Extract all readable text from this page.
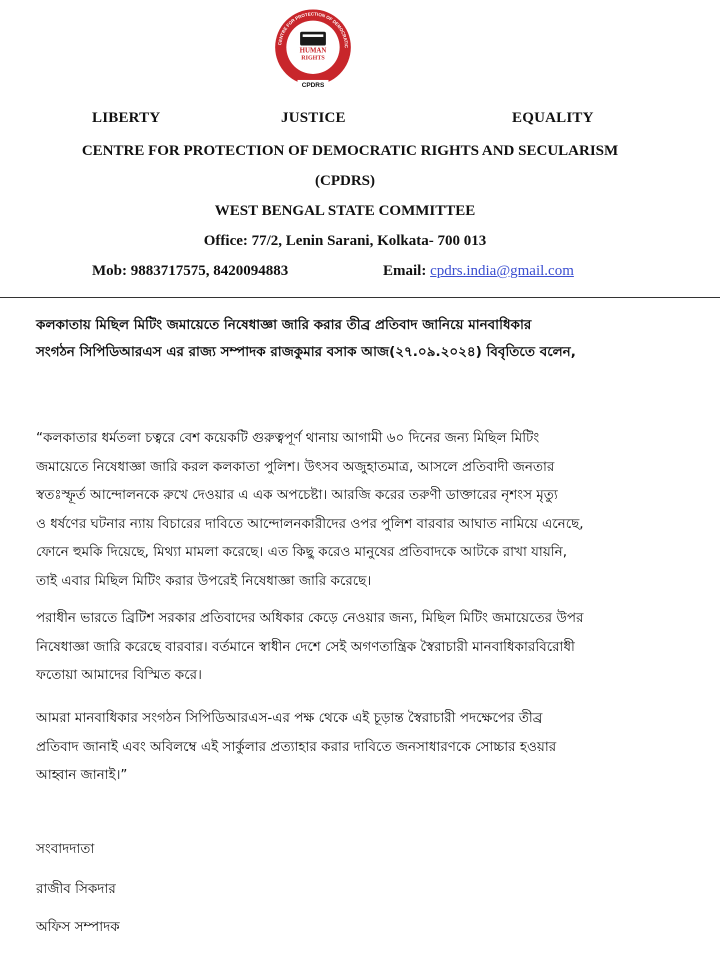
CENTRE FOR PROTECTION OF DEMOCRATIC
HUMAN
RIGHTS
CPDRS
LIBERTY	JUSTICE	EQUALITY
CENTRE FOR PROTECTION OF DEMOCRATIC RIGHTS AND SECULARISM
(CPDRS)
WEST BENGAL STATE COMMITTEE
Office: 77/2, Lenin Sarani, Kolkata- 700 013
Mob: 9883717575, 8420094883	Email: cpdrs.india@gmail.com
কলকাতায় মিছিল মিটিং জমায়েতে নিষেধাজ্ঞা জারি করার তীব্র প্রতিবাদ জানিয়ে মানবাধিকার
সংগঠন সিপিডিআরএস এর রাজ্য সম্পাদক রাজকুমার বসাক আজ(২৭.০৯.২০২৪) বিবৃতিতে বলেন,
“কলকাতার ধর্মতলা চত্বরে বেশ কয়েকটি গুরুত্বপূর্ণ থানায় আগামী ৬০ দিনের জন্য মিছিল মিটিং
জমায়েতে নিষেধাজ্ঞা জারি করল কলকাতা পুলিশ। উৎসব অজুহাতমাত্র, আসলে প্রতিবাদী জনতার
স্বতঃস্ফূর্ত আন্দোলনকে রুখে দেওয়ার এ এক অপচেষ্টা। আরজি করের তরুণী ডাক্তারের নৃশংস মৃত্যু
ও ধর্ষণের ঘটনার ন্যায় বিচারের দাবিতে আন্দোলনকারীদের ওপর পুলিশ বারবার আঘাত নামিয়ে এনেছে,
ফোনে হুমকি দিয়েছে, মিথ্যা মামলা করেছে। এত কিছু করেও মানুষের প্রতিবাদকে আটকে রাখা যায়নি,
তাই এবার মিছিল মিটিং করার উপরেই নিষেধাজ্ঞা জারি করেছে।
পরাধীন ভারতে ব্রিটিশ সরকার প্রতিবাদের অধিকার কেড়ে নেওয়ার জন্য, মিছিল মিটিং জমায়েতের উপর
নিষেধাজ্ঞা জারি করেছে বারবার। বর্তমানে স্বাধীন দেশে সেই অগণতান্ত্রিক স্বৈরাচারী মানবাধিকারবিরোধী
ফতোয়া আমাদের বিস্মিত করে।
আমরা মানবাধিকার সংগঠন সিপিডিআরএস-এর পক্ষ থেকে এই চূড়ান্ত স্বৈরাচারী পদক্ষেপের তীব্র
প্রতিবাদ জানাই এবং অবিলম্বে এই সার্কুলার প্রত্যাহার করার দাবিতে জনসাধারণকে সোচ্চার হওয়ার
আহ্বান জানাই।”
সংবাদদাতা
রাজীব সিকদার
অফিস সম্পাদক
